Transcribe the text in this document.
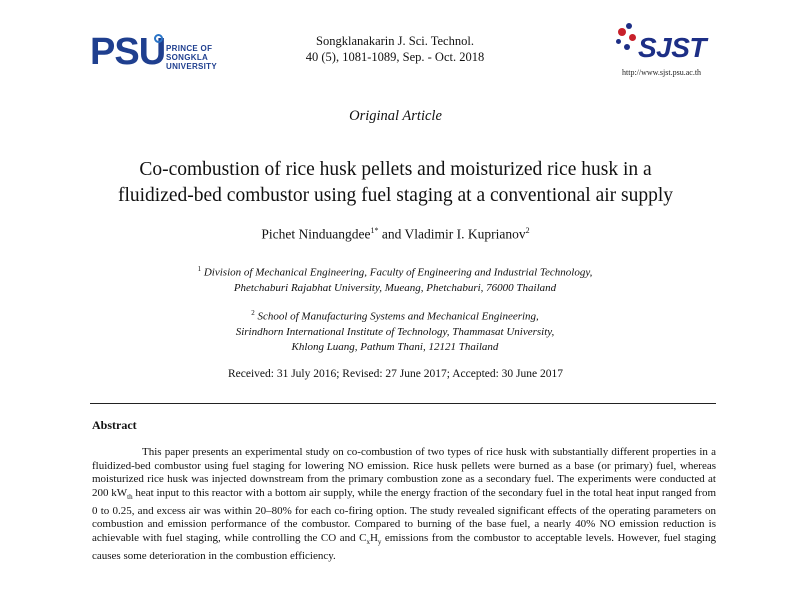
PSU PRINCE OF
SONGKLA
UNIVERSITY
Songklanakarin J. Sci. Technol.
40 (5), 1081-1089, Sep. - Oct. 2018	SJST
http://www.sjst.psu.ac.th
Original Article
Co-combustion of rice husk pellets and moisturized rice husk in a
fluidized-bed combustor using fuel staging at a conventional air supply
Pichet Ninduangdee$^{1*}$ and Vladimir I. Kuprianov$^2$
$^1$ Division of Mechanical Engineering, Faculty of Engineering and Industrial Technology,
Phetchaburi Rajabhat University, Mueang, Phetchaburi, 76000 Thailand
$^2$ School of Manufacturing Systems and Mechanical Engineering,
Sirindhorn International Institute of Technology, Thammasat University,
Khlong Luang, Pathum Thani, 12121 Thailand
Received: 31 July 2016; Revised: 27 June 2017; Accepted: 30 June 2017
Abstract
This paper presents an experimental study on co-combustion of two types of rice husk with substantially different properties in a fluidized-bed combustor using fuel staging for lowering NO emission. Rice husk pellets were burned as a base (or primary) fuel, whereas moisturized rice husk was injected downstream from the primary combustion zone as a secondary fuel. The experiments were conducted at 200 $kW_{th}$ heat input to this reactor with a bottom air supply, while the energy fraction of the secondary fuel in the total heat input ranged from 0 to 0.25, and excess air was within 20–80% for each co-firing option. The study revealed significant effects of the operating parameters on combustion and emission performance of the combustor. Compared to burning of the base fuel, a nearly 40% NO emission reduction is achievable with fuel staging, while controlling the CO and $C_xH_y$ emissions from the combustor to acceptable levels. However, fuel staging causes some deterioration in the combustion efficiency.
